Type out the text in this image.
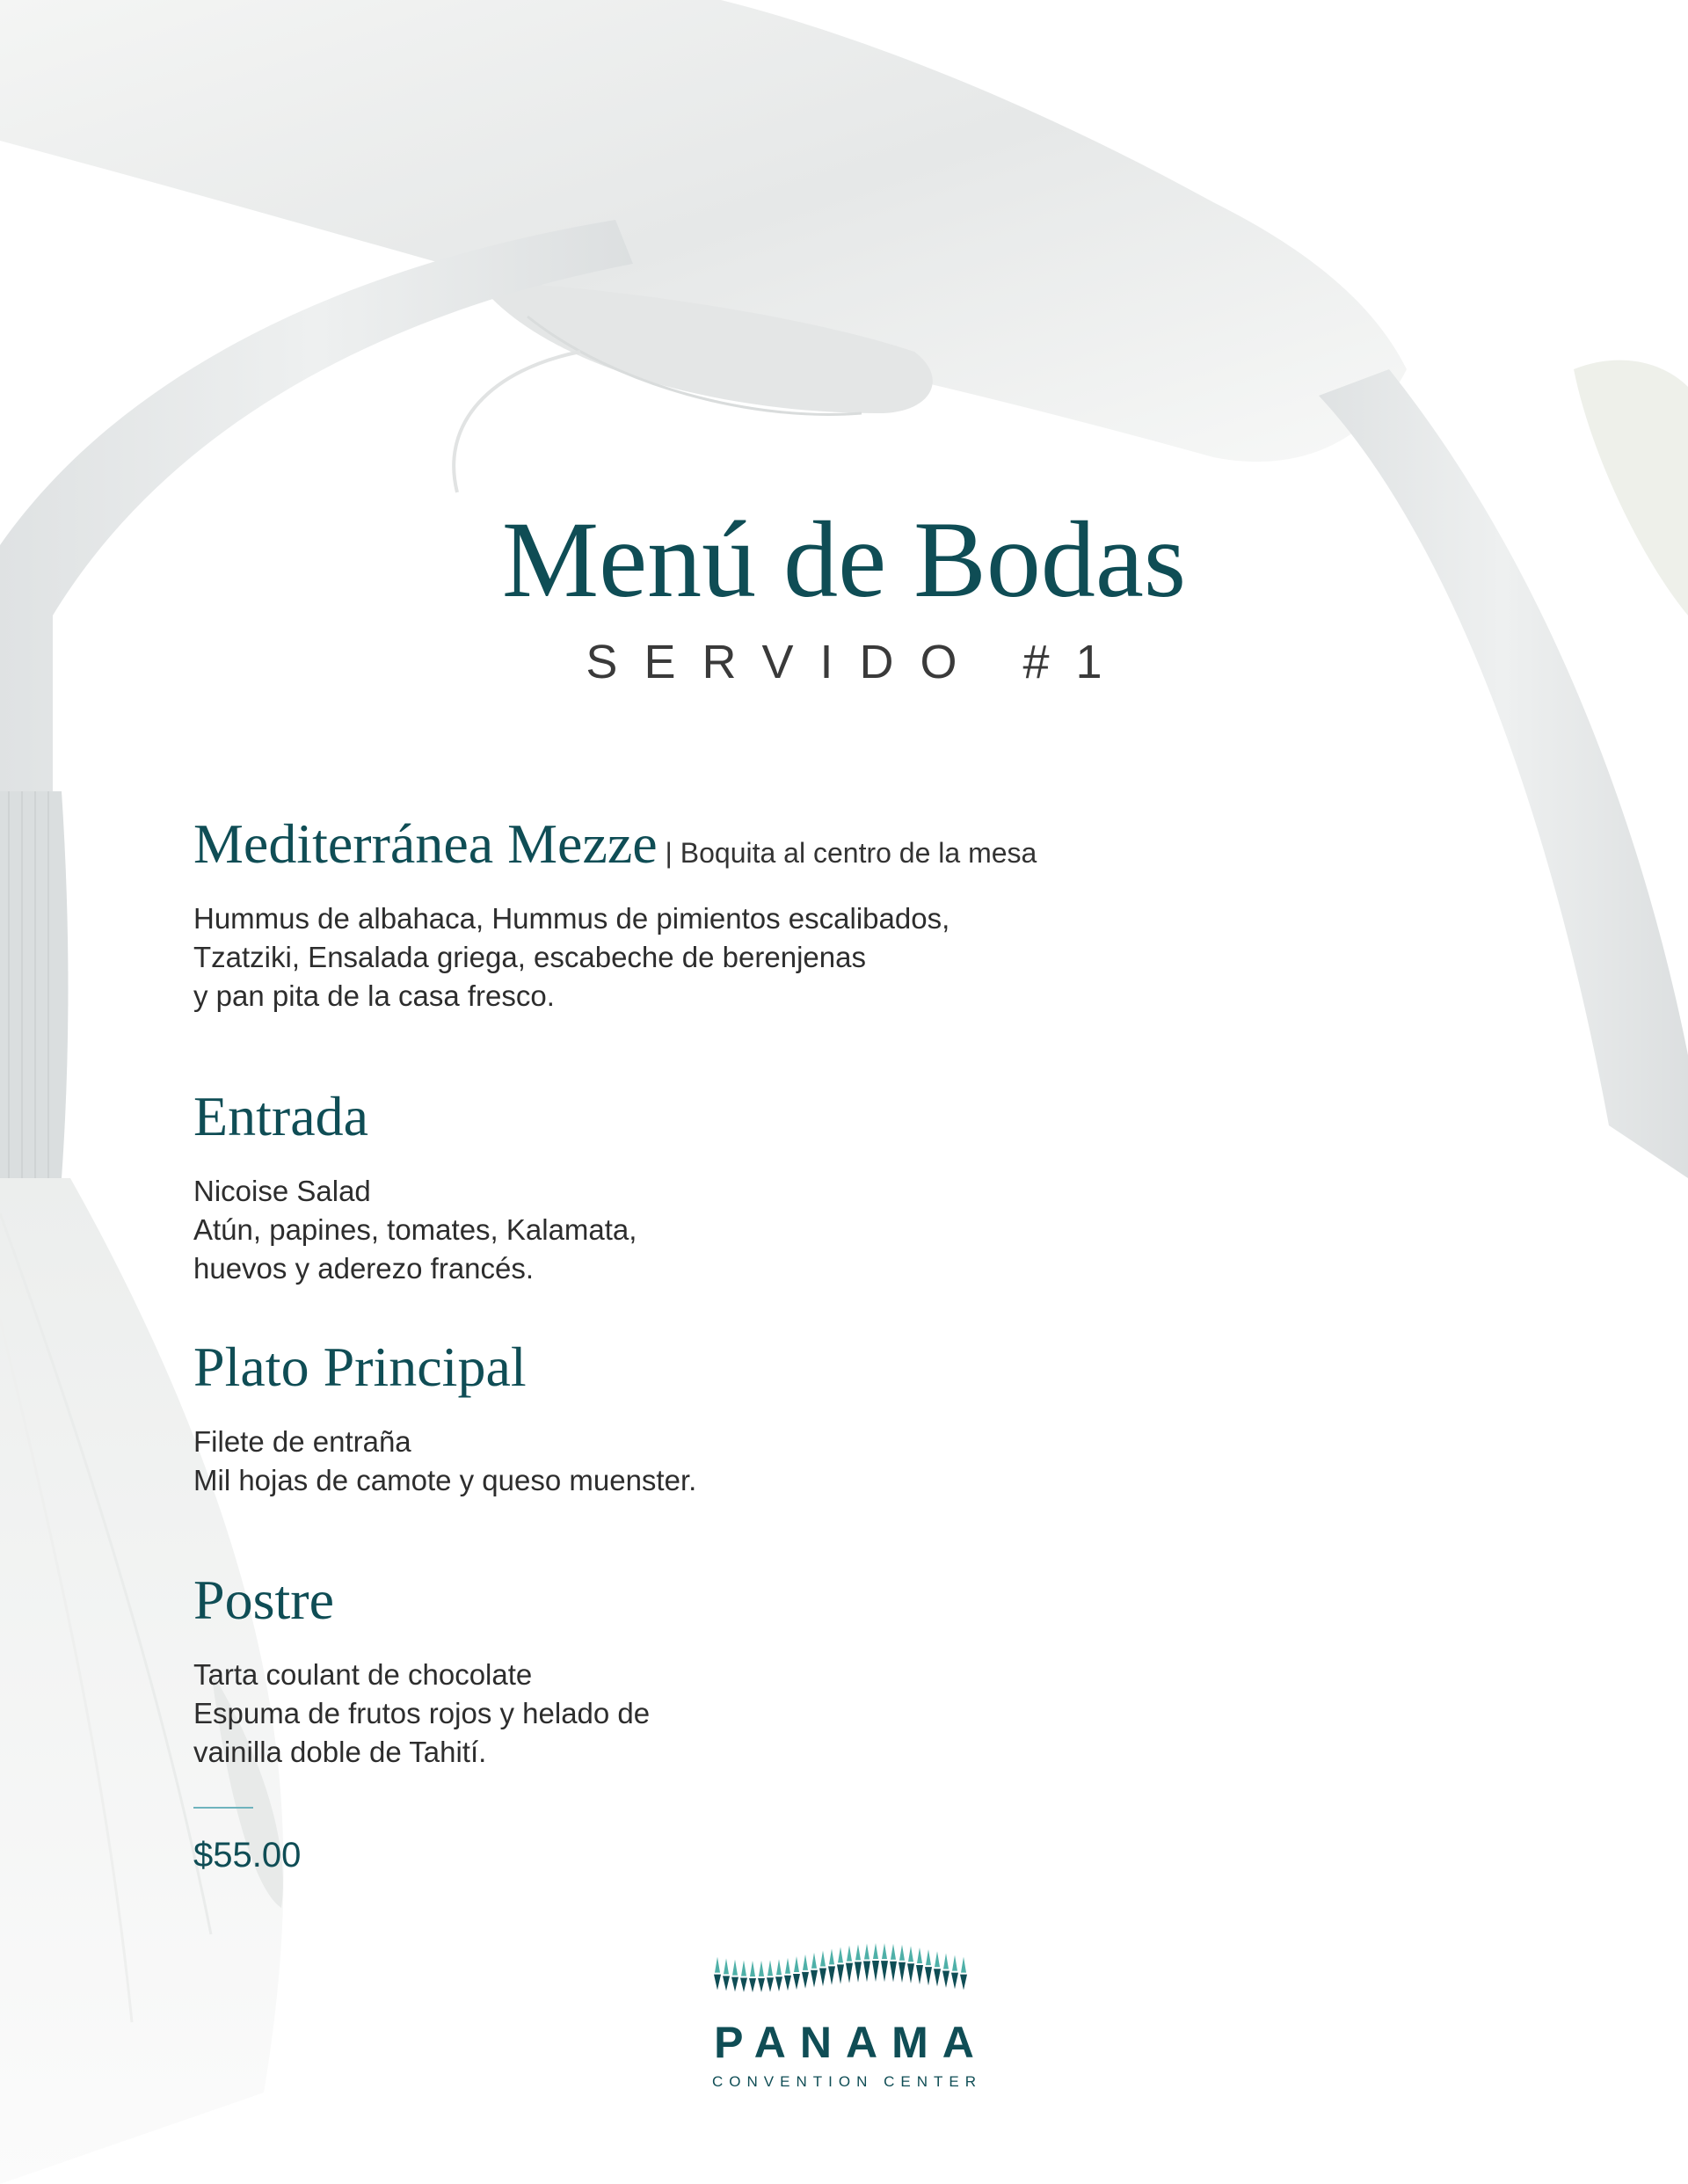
Menú de Bodas
SERVIDO #1
Mediterránea Mezze | Boquita al centro de la mesa
Hummus de albahaca, Hummus de pimientos escalibados,
Tzatziki, Ensalada griega, escabeche de berenjenas
y pan pita de la casa fresco.
Entrada
Nicoise Salad
Atún, papines, tomates, Kalamata,
huevos y aderezo francés.
Plato Principal
Filete de entraña
Mil hojas de camote y queso muenster.
Postre
Tarta coulant de chocolate
Espuma de frutos rojos y helado de
vainilla doble de Tahití.
$55.00
PANAMA
CONVENTION CENTER
